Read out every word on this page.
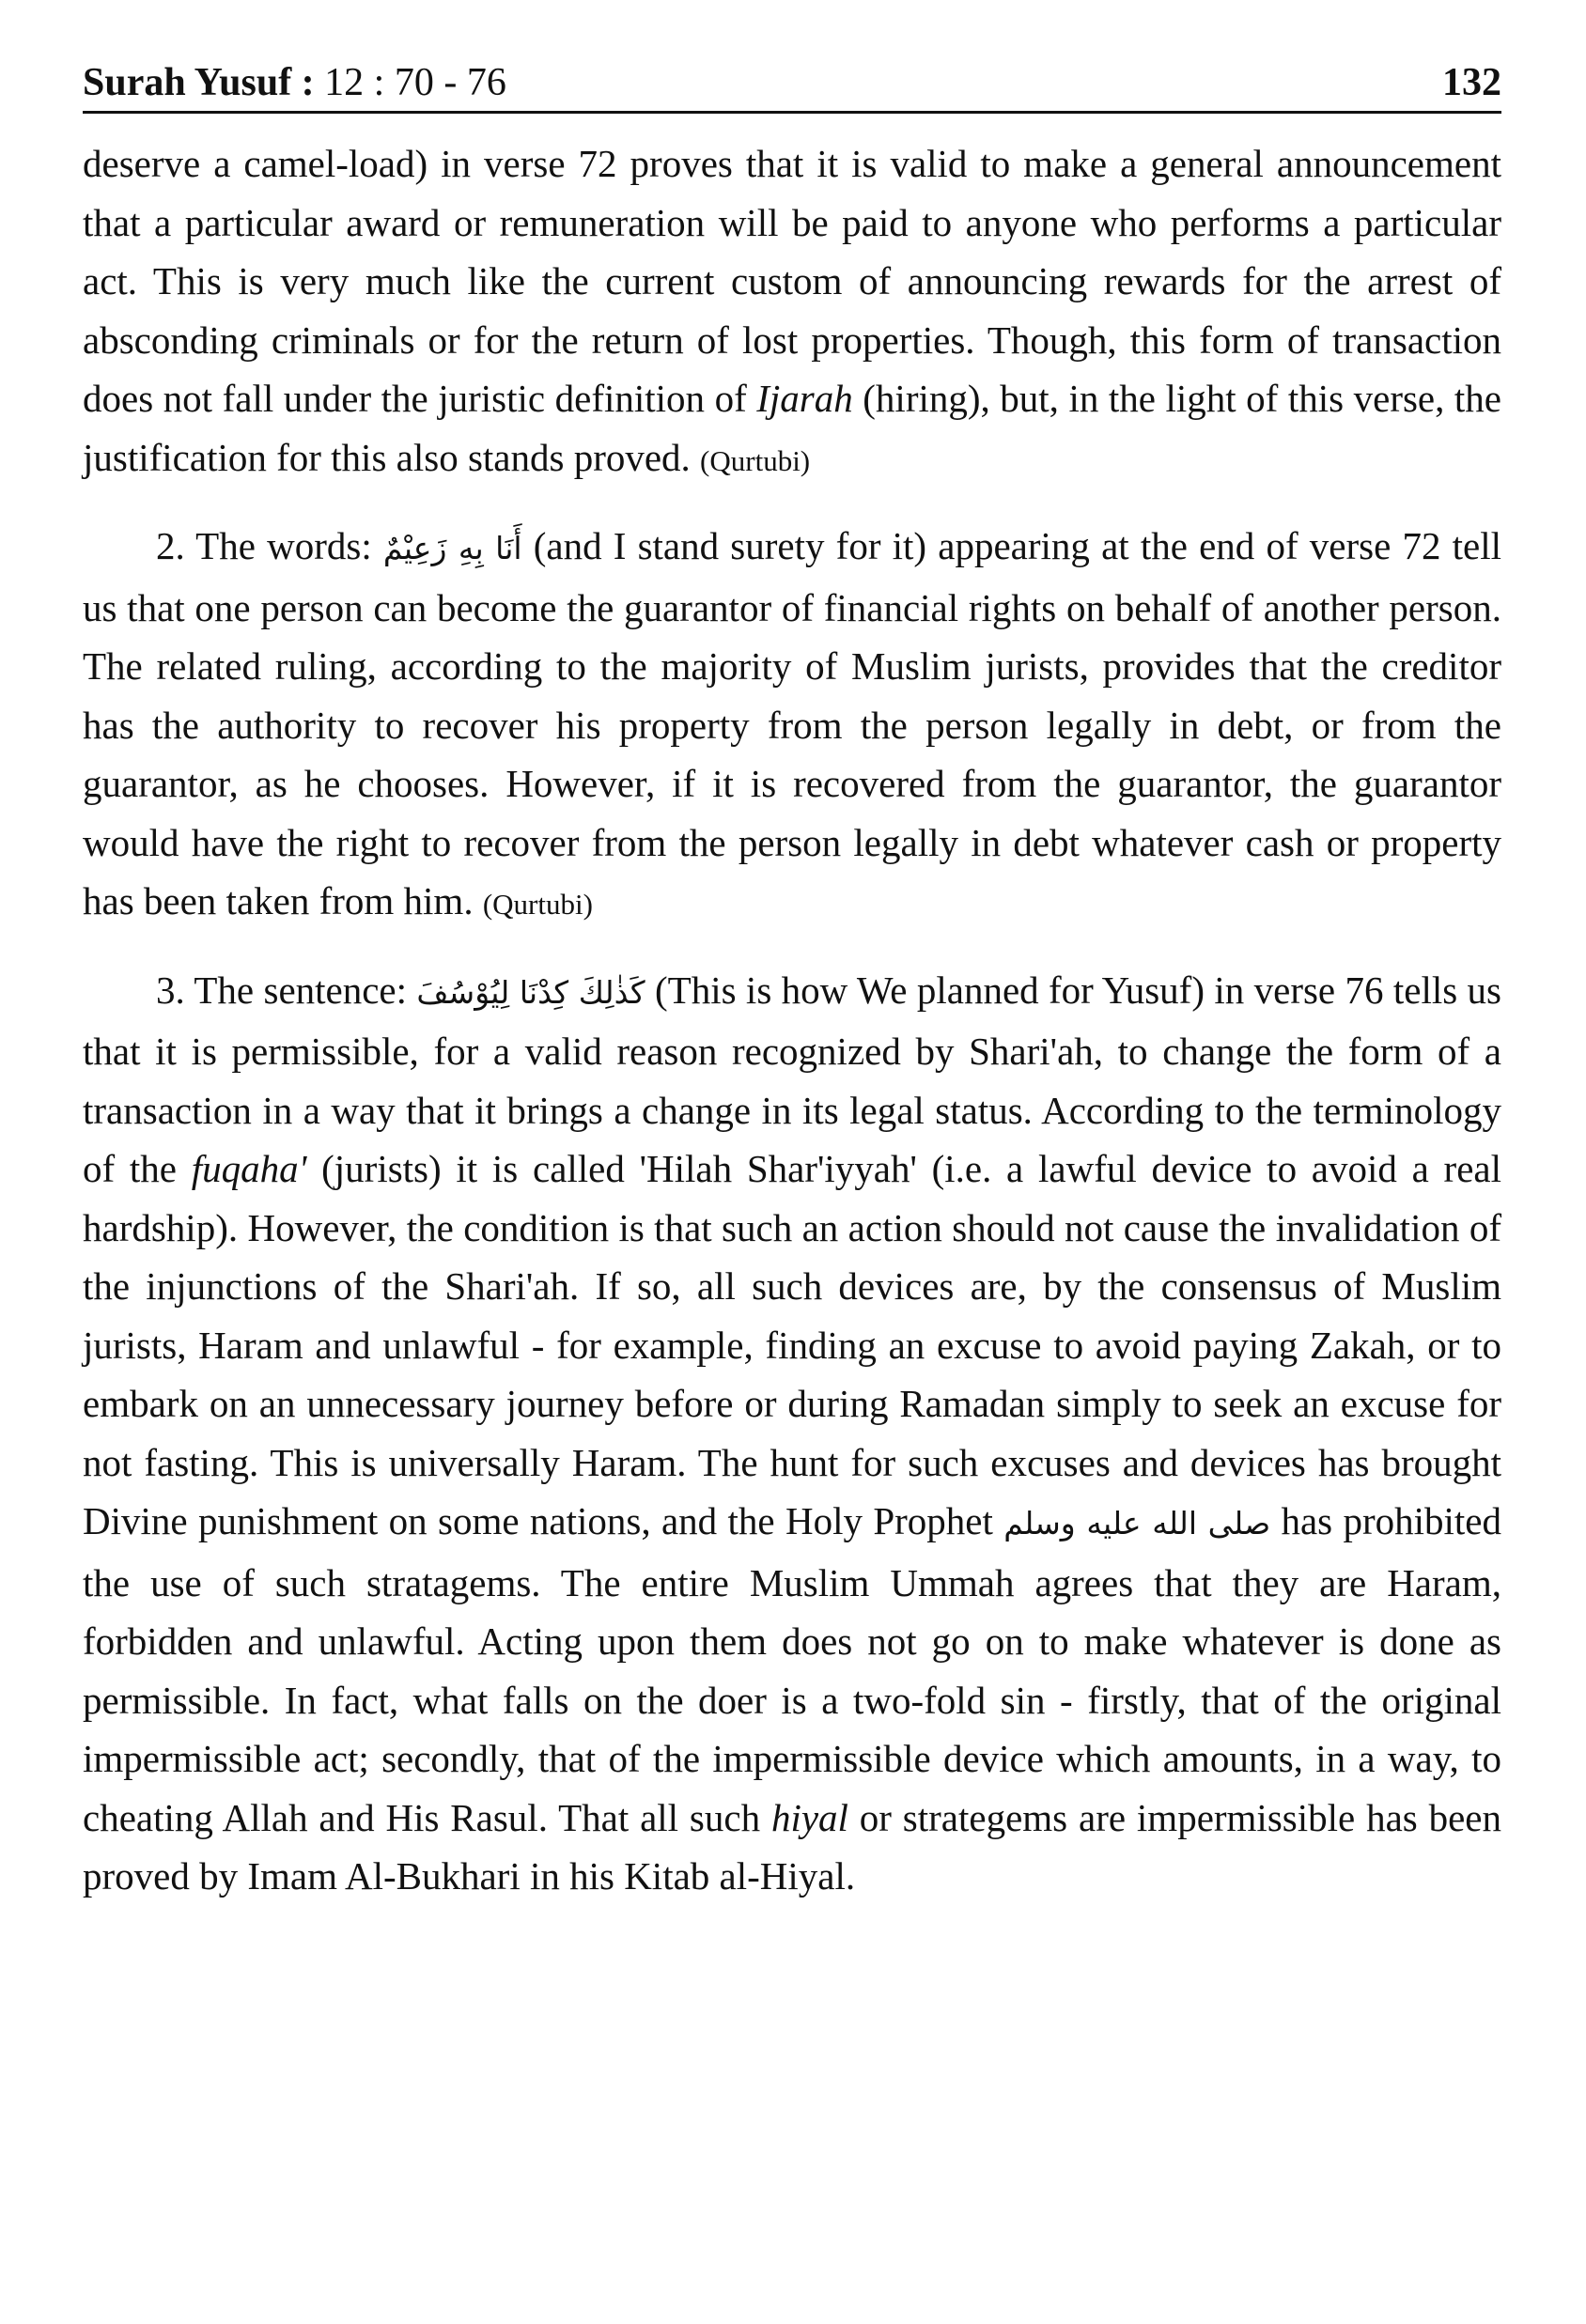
Surah Yusuf : 12 : 70 - 76	132

deserve a camel-load) in verse 72 proves that it is valid to make a general announcement that a particular award or remuneration will be paid to anyone who performs a particular act. This is very much like the current custom of announcing rewards for the arrest of absconding criminals or for the return of lost properties. Though, this form of transaction does not fall under the juristic definition of Ijarah (hiring), but, in the light of this verse, the justification for this also stands proved. (Qurtubi)

2. The words: أَنَا بِهِ زَعِيْمٌ (and I stand surety for it) appearing at the end of verse 72 tell us that one person can become the guarantor of financial rights on behalf of another person. The related ruling, according to the majority of Muslim jurists, provides that the creditor has the authority to recover his property from the person legally in debt, or from the guarantor, as he chooses. However, if it is recovered from the guarantor, the guarantor would have the right to recover from the person legally in debt whatever cash or property has been taken from him. (Qurtubi)

3. The sentence: كَذٰلِكَ كِدْنَا لِيُوْسُفَ (This is how We planned for Yusuf) in verse 76 tells us that it is permissible, for a valid reason recognized by Shari'ah, to change the form of a transaction in a way that it brings a change in its legal status. According to the terminology of the fuqaha' (jurists) it is called 'Hilah Shar'iyyah' (i.e. a lawful device to avoid a real hardship). However, the condition is that such an action should not cause the invalidation of the injunctions of the Shari'ah. If so, all such devices are, by the consensus of Muslim jurists, Haram and unlawful - for example, finding an excuse to avoid paying Zakah, or to embark on an unnecessary journey before or during Ramadan simply to seek an excuse for not fasting. This is universally Haram. The hunt for such excuses and devices has brought Divine punishment on some nations, and the Holy Prophet صلى الله عليه وسلم has prohibited the use of such stratagems. The entire Muslim Ummah agrees that they are Haram, forbidden and unlawful. Acting upon them does not go on to make whatever is done as permissible. In fact, what falls on the doer is a two-fold sin - firstly, that of the original impermissible act; secondly, that of the impermissible device which amounts, in a way, to cheating Allah and His Rasul. That all such hiyal or strategems are impermissible has been proved by Imam Al-Bukhari in his Kitab al-Hiyal.
